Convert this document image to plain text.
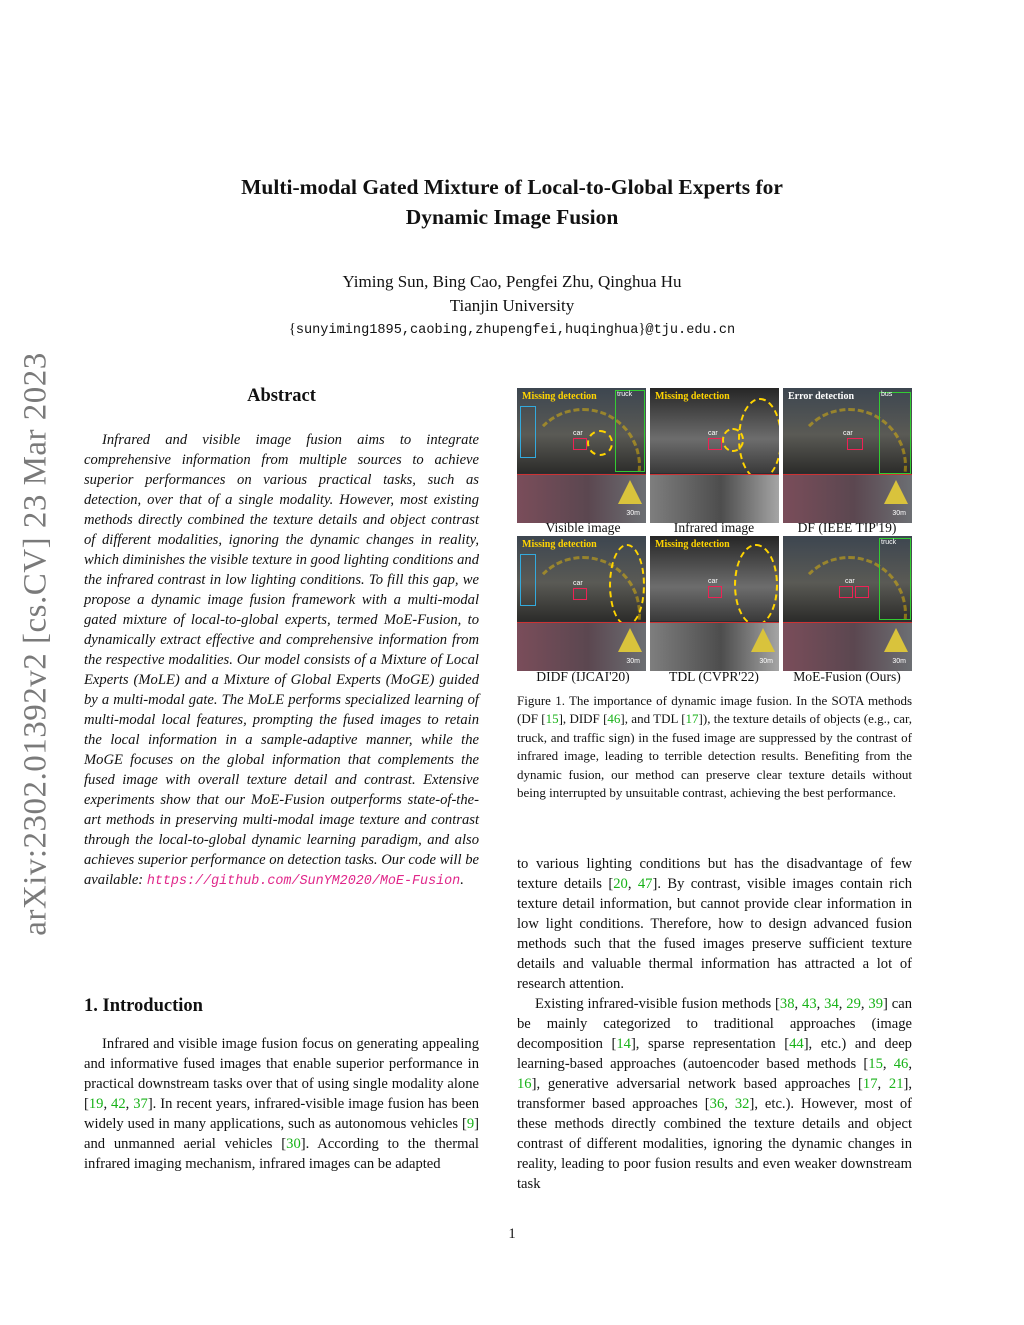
arXiv:2302.01392v2 [cs.CV] 23 Mar 2023
Multi-modal Gated Mixture of Local-to-Global Experts for
Dynamic Image Fusion
Yiming Sun, Bing Cao, Pengfei Zhu, Qinghua Hu
Tianjin University
{sunyiming1895,caobing,zhupengfei,huqinghua}@tju.edu.cn
Abstract
Infrared and visible image fusion aims to integrate comprehensive information from multiple sources to achieve superior performances on various practical tasks, such as detection, over that of a single modality. However, most existing methods directly combined the texture details and object contrast of different modalities, ignoring the dynamic changes in reality, which diminishes the visible texture in good lighting conditions and the infrared contrast in low lighting conditions. To fill this gap, we propose a dynamic image fusion framework with a multi-modal gated mixture of local-to-global experts, termed MoE-Fusion, to dynamically extract effective and comprehensive information from the respective modalities. Our model consists of a Mixture of Local Experts (MoLE) and a Mixture of Global Experts (MoGE) guided by a multi-modal gate. The MoLE performs specialized learning of multi-modal local features, prompting the fused images to retain the local information in a sample-adaptive manner, while the MoGE focuses on the global information that complements the fused image with overall texture detail and contrast. Extensive experiments show that our MoE-Fusion outperforms state-of-the-art methods in preserving multi-modal image texture and contrast through the local-to-global dynamic learning paradigm, and also achieves superior performance on detection tasks. Our code will be available: https://github.com/SunYM2020/MoE-Fusion.
1. Introduction
Infrared and visible image fusion focus on generating appealing and informative fused images that enable superior performance in practical downstream tasks over that of using single modality alone [19, 42, 37]. In recent years, infrared-visible image fusion has been widely used in many applications, such as autonomous vehicles [9] and unmanned aerial vehicles [30]. According to the thermal infrared imaging mechanism, infrared images can be adapted
truck
car
Missing detection
30m
car
Missing detection	bus
car
Error detection
30m
car
Missing detection
30m
car
Missing detection
30m
truck
car
30m
Visible image	Infrared image	DF (IEEE TIP'19)
DIDF (IJCAI'20)	TDL (CVPR'22)	MoE-Fusion (Ours)
Figure 1. The importance of dynamic image fusion. In the SOTA methods (DF [15], DIDF [46], and TDL [17]), the texture details of objects (e.g., car, truck, and traffic sign) in the fused image are suppressed by the contrast of infrared image, leading to terrible detection results. Benefiting from the dynamic fusion, our method can preserve clear texture details without being interrupted by unsuitable contrast, achieving the best performance.
to various lighting conditions but has the disadvantage of few texture details [20, 47]. By contrast, visible images contain rich texture detail information, but cannot provide clear information in low light conditions. Therefore, how to design advanced fusion methods such that the fused images preserve sufficient texture details and valuable thermal information has attracted a lot of research attention.
Existing infrared-visible fusion methods [38, 43, 34, 29, 39] can be mainly categorized to traditional approaches (image decomposition [14], sparse representation [44], etc.) and deep learning-based approaches (autoencoder based methods [15, 46, 16], generative adversarial network based approaches [17, 21], transformer based approaches [36, 32], etc.). However, most of these methods directly combined the texture details and object contrast of different modalities, ignoring the dynamic changes in reality, leading to poor fusion results and even weaker downstream task
1
